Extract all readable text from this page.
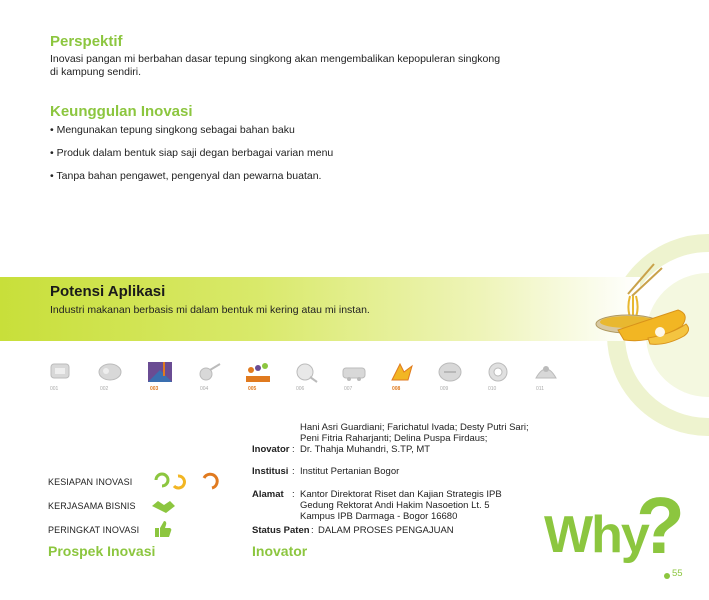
Perspektif
Inovasi pangan mi berbahan dasar tepung singkong akan mengembalikan kepopuleran singkong
di kampung sendiri.
Keunggulan Inovasi
• Mengunakan tepung singkong sebagai bahan baku
• Produk dalam bentuk siap saji degan berbagai varian menu
• Tanpa bahan pengawet, pengenyal dan pewarna buatan.
Potensi Aplikasi
Industri makanan berbasis mi dalam bentuk mi kering atau mi instan.
001	002	003	004	005	006	007	008	009	010	011
KESIAPAN INOVASI
KERJASAMA BISNIS
PERINGKAT INOVASI
Prospek Inovasi
Hani Asri Guardiani; Farichatul Ivada; Desty Putri Sari;
Peni Fitria Raharjanti; Delina Puspa Firdaus;
Inovator : Dr. Thahja Muhandri, S.TP, MT
Institusi : Institut Pertanian Bogor
Alamat : Kantor Direktorat Riset dan Kajian Strategis IPB
Gedung Rektorat Andi Hakim Nasoetion Lt. 5
Kampus IPB Darmaga - Bogor 16680
Status Paten : DALAM PROSES PENGAJUAN
Inovator	Why
?
55
